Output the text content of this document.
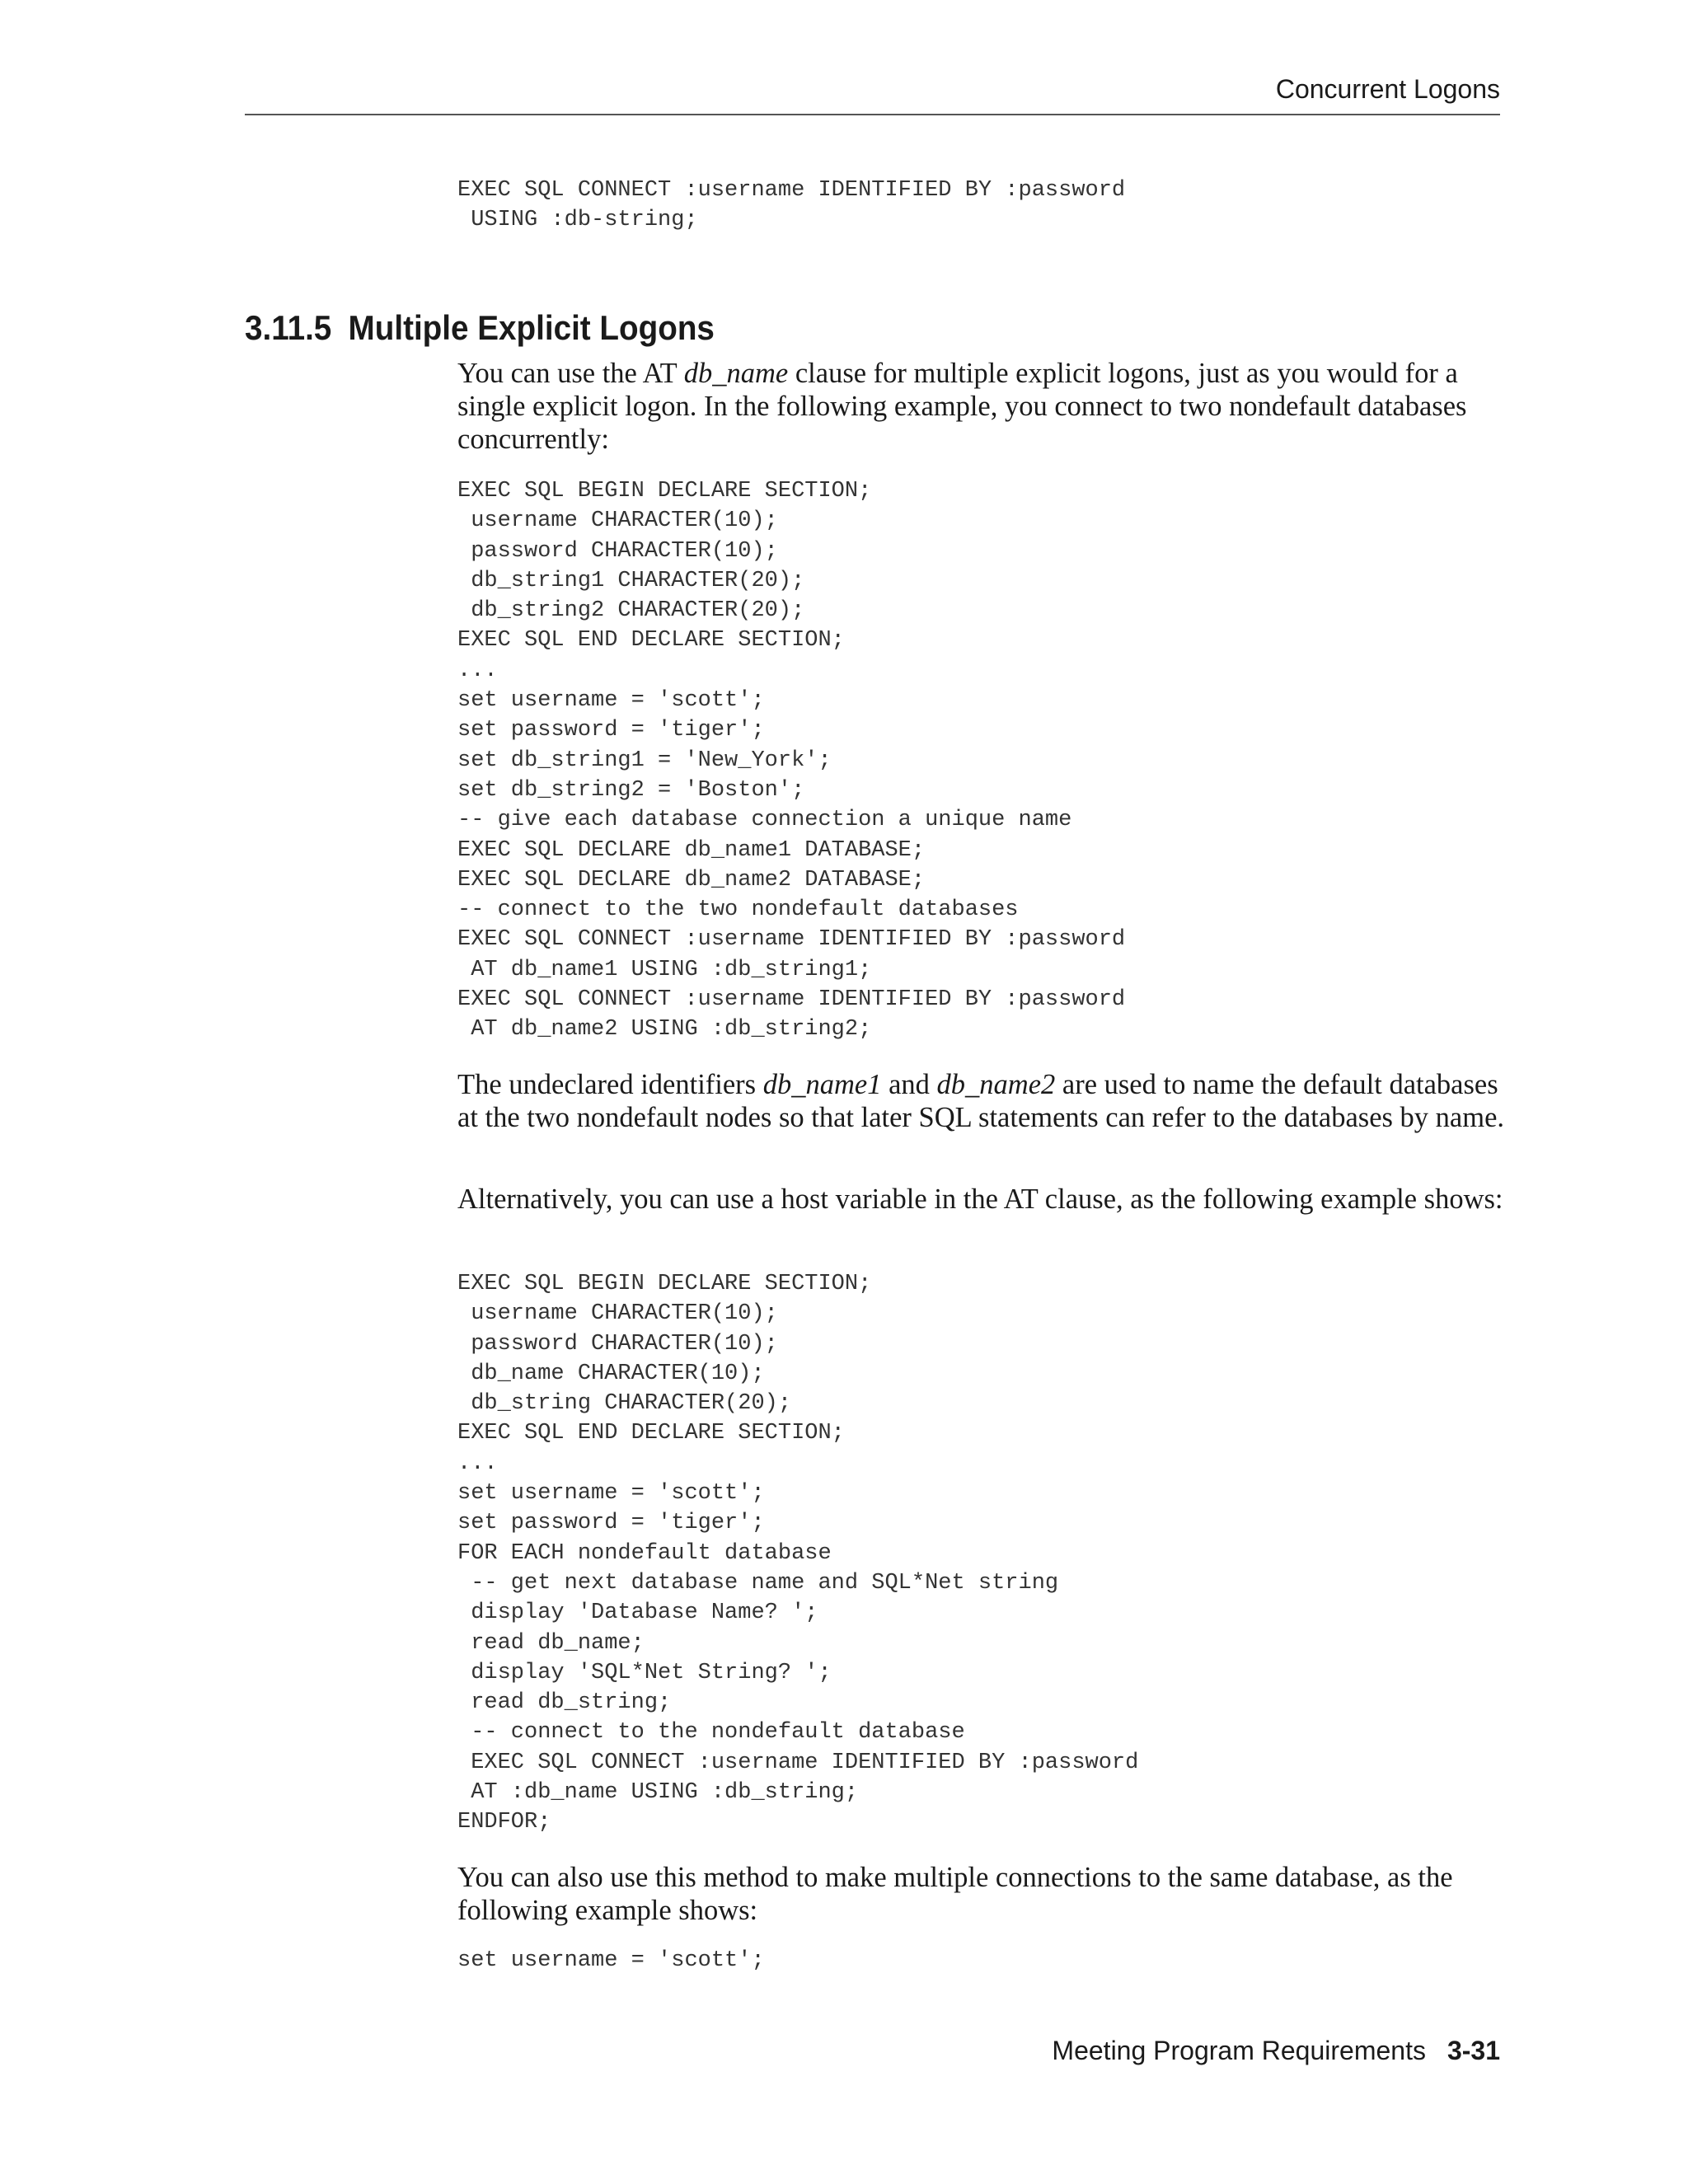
Concurrent Logons
EXEC SQL CONNECT :username IDENTIFIED BY :password
USING :db-string;
3.11.5 Multiple Explicit Logons

You can use the AT db_name clause for multiple explicit logons, just as you would for a single explicit logon. In the following example, you connect to two nondefault databases concurrently:

EXEC SQL BEGIN DECLARE SECTION;
username CHARACTER(10);
password CHARACTER(10);
db_string1 CHARACTER(20);
db_string2 CHARACTER(20);
EXEC SQL END DECLARE SECTION;
...
set username = 'scott';
set password = 'tiger';
set db_string1 = 'New_York';
set db_string2 = 'Boston';
-- give each database connection a unique name
EXEC SQL DECLARE db_name1 DATABASE;
EXEC SQL DECLARE db_name2 DATABASE;
-- connect to the two nondefault databases
EXEC SQL CONNECT :username IDENTIFIED BY :password
AT db_name1 USING :db_string1;
EXEC SQL CONNECT :username IDENTIFIED BY :password
AT db_name2 USING :db_string2;

The undeclared identifiers db_name1 and db_name2 are used to name the default databases at the two nondefault nodes so that later SQL statements can refer to the databases by name.

Alternatively, you can use a host variable in the AT clause, as the following example shows:

EXEC SQL BEGIN DECLARE SECTION;
username CHARACTER(10);
password CHARACTER(10);
db_name CHARACTER(10);
db_string CHARACTER(20);
EXEC SQL END DECLARE SECTION;
...
set username = 'scott';
set password = 'tiger';
FOR EACH nondefault database
-- get next database name and SQL*Net string
display 'Database Name? ';
read db_name;
display 'SQL*Net String? ';
read db_string;
-- connect to the nondefault database
EXEC SQL CONNECT :username IDENTIFIED BY :password
AT :db_name USING :db_string;
ENDFOR;

You can also use this method to make multiple connections to the same database, as the following example shows:

set username = 'scott';
Meeting Program Requirements 3-31
